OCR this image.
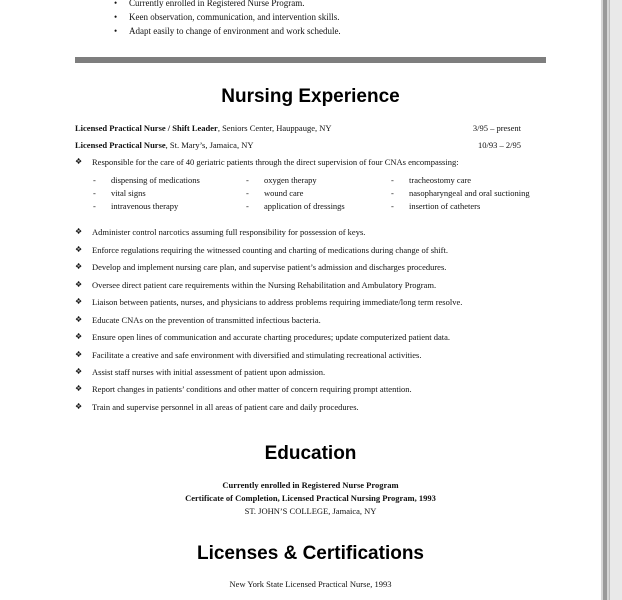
• Currently enrolled in Registered Nurse Program.
• Keen observation, communication, and intervention skills.
• Adapt easily to change of environment and work schedule.
Nursing Experience
Licensed Practical Nurse / Shift Leader, Seniors Center, Hauppauge, NY	3/95 – present
Licensed Practical Nurse, St. Mary’s, Jamaica, NY	10/93 – 2/95
❖ Responsible for the care of 40 geriatric patients through the direct supervision of four CNAs encompassing:
- dispensing of medications
- vital signs
- intravenous therapy
- oxygen therapy
- wound care
- application of dressings
- tracheostomy care
- nasopharyngeal and oral suctioning
- insertion of catheters
❖ Administer control narcotics assuming full responsibility for possession of keys.
❖ Enforce regulations requiring the witnessed counting and charting of medications during change of shift.
❖ Develop and implement nursing care plan, and supervise patient’s admission and discharges procedures.
❖ Oversee direct patient care requirements within the Nursing Rehabilitation and Ambulatory Program.
❖ Liaison between patients, nurses, and physicians to address problems requiring immediate/long term resolve.
❖ Educate CNAs on the prevention of transmitted infectious bacteria.
❖ Ensure open lines of communication and accurate charting procedures; update computerized patient data.
❖ Facilitate a creative and safe environment with diversified and stimulating recreational activities.
❖ Assist staff nurses with initial assessment of patient upon admission.
❖ Report changes in patients’ conditions and other matter of concern requiring prompt attention.
❖ Train and supervise personnel in all areas of patient care and daily procedures.
Education
Currently enrolled in Registered Nurse Program
Certificate of Completion, Licensed Practical Nursing Program, 1993
ST. JOHN’S COLLEGE, Jamaica, NY
Licenses & Certifications
New York State Licensed Practical Nurse, 1993
